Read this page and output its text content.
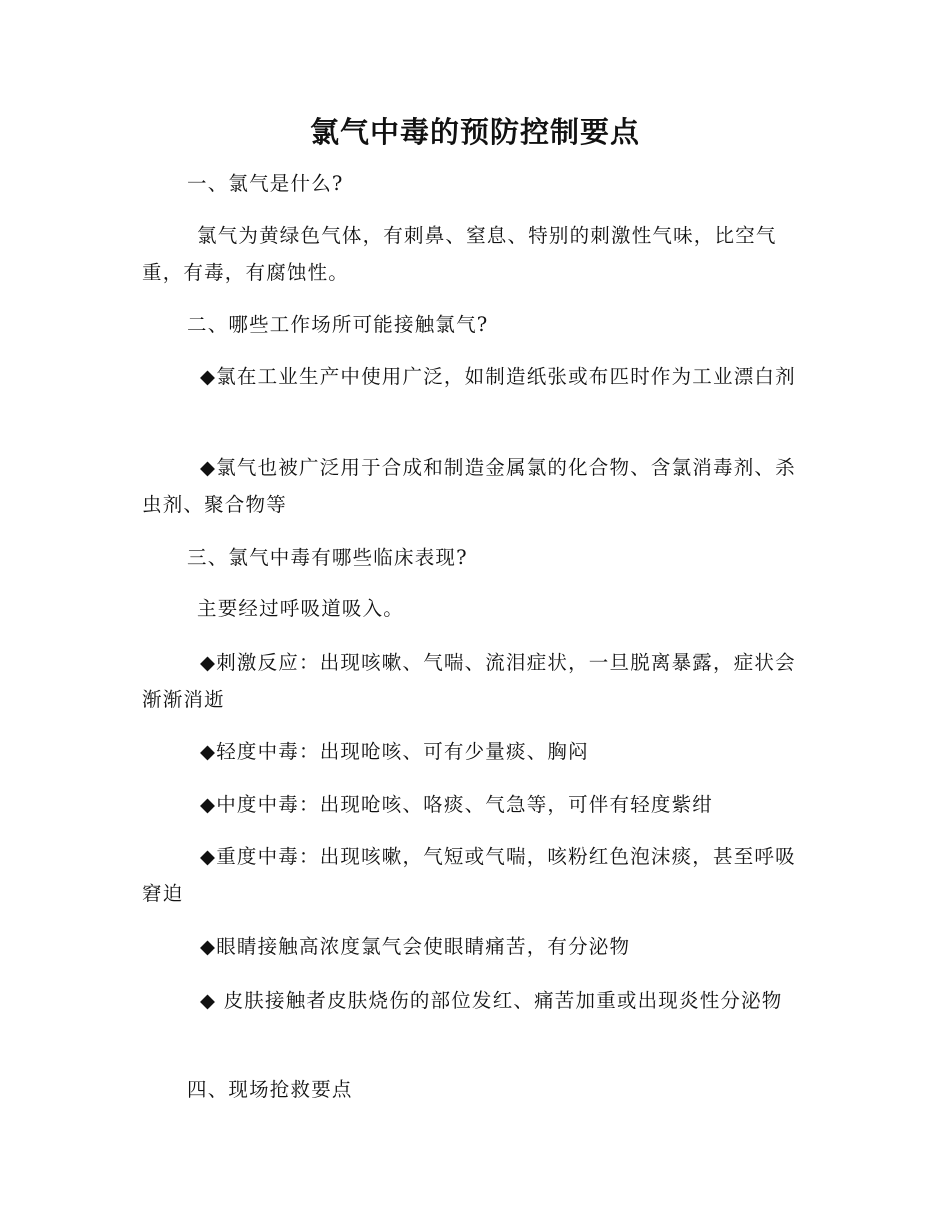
氯气中毒的预防控制要点
一、氯气是什么?
氯气为黄绿色气体，有刺鼻、窒息、特别的刺激性气味，比空气重，有毒，有腐蚀性。
二、哪些工作场所可能接触氯气?
◆氯在工业生产中使用广泛，如制造纸张或布匹时作为工业漂白剂
◆氯气也被广泛用于合成和制造金属氯的化合物、含氯消毒剂、杀虫剂、聚合物等
三、氯气中毒有哪些临床表现?
主要经过呼吸道吸入。
◆刺激反应：出现咳嗽、气喘、流泪症状，一旦脱离暴露，症状会渐渐消逝
◆轻度中毒：出现呛咳、可有少量痰、胸闷
◆中度中毒：出现呛咳、咯痰、气急等，可伴有轻度紫绀
◆重度中毒：出现咳嗽，气短或气喘，咳粉红色泡沫痰，甚至呼吸窘迫
◆眼睛接触高浓度氯气会使眼睛痛苦，有分泌物
◆ 皮肤接触者皮肤烧伤的部位发红、痛苦加重或出现炎性分泌物
四、现场抢救要点
